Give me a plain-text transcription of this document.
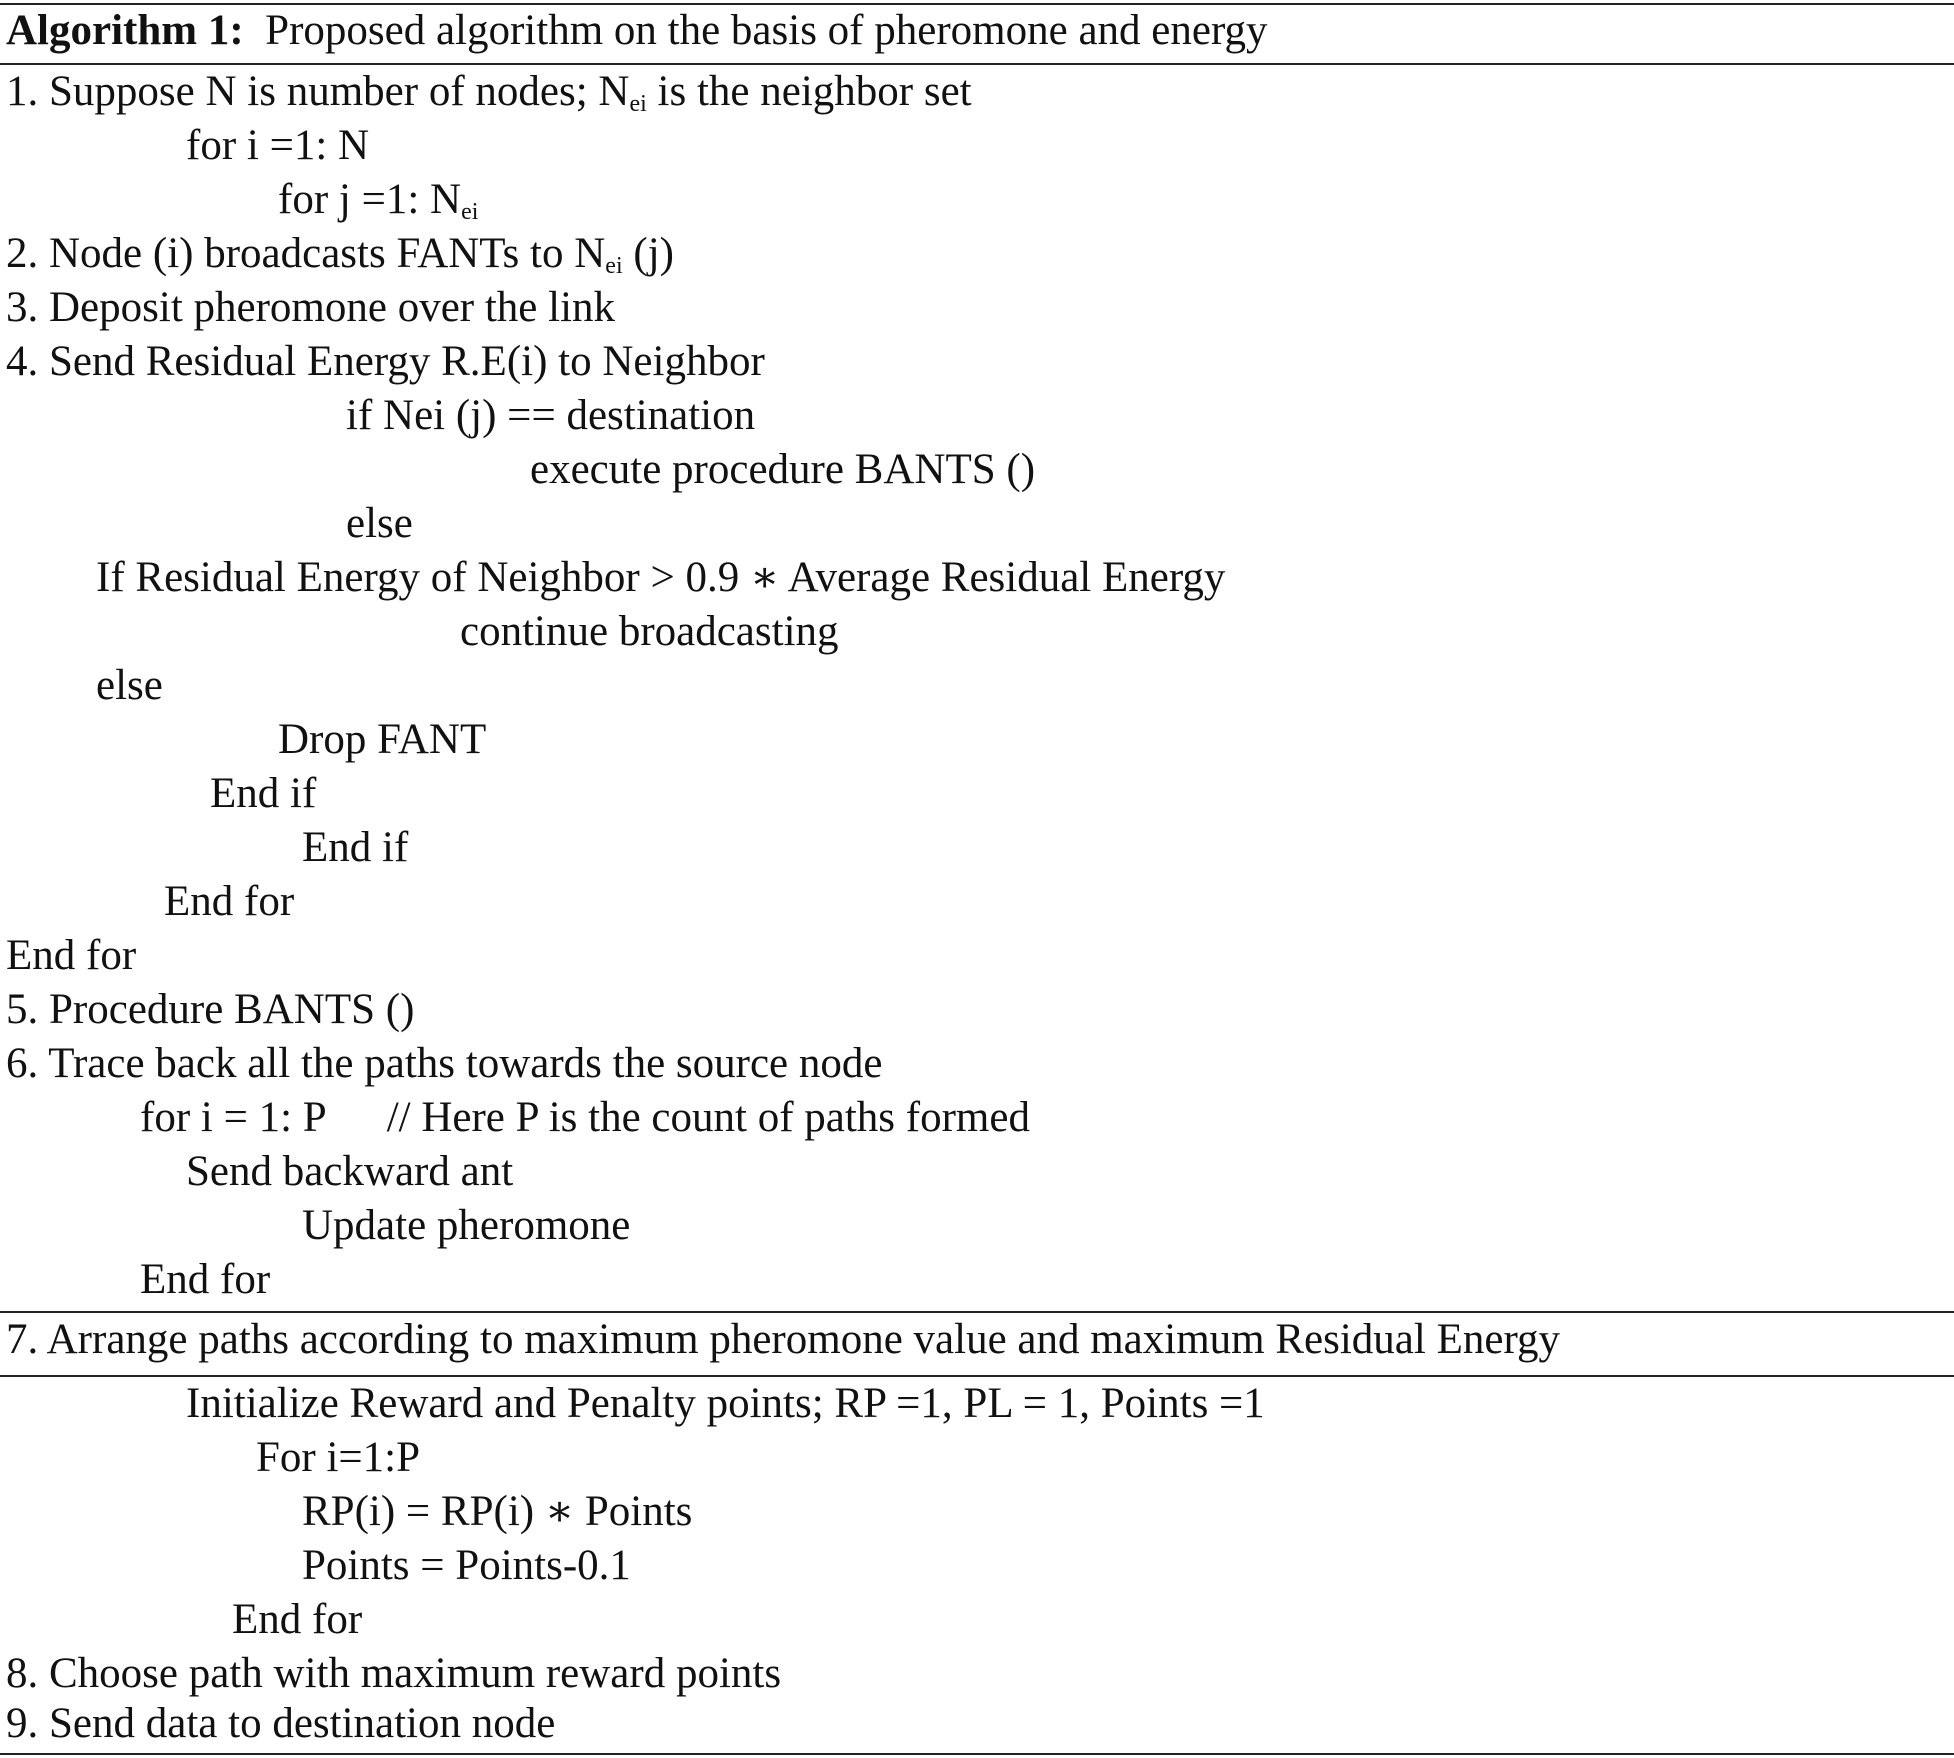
Algorithm 1: Proposed algorithm on the basis of pheromone and energy
1. Suppose N is number of nodes; $N_{ei}$ is the neighbor set
for i =1: N
for j =1: $N_{ei}$
2. Node (i) broadcasts FANTs to $N_{ei}$ (j)
3. Deposit pheromone over the link
4. Send Residual Energy R.E(i) to Neighbor
if Nei (j) == destination
execute procedure BANTS ()
else
If Residual Energy of Neighbor > 0.9 ∗ Average Residual Energy
continue broadcasting
else
Drop FANT
End if
End if
End for
End for
5. Procedure BANTS ()
6. Trace back all the paths towards the source node
for i = 1: P // Here P is the count of paths formed
Send backward ant
Update pheromone
End for
7. Arrange paths according to maximum pheromone value and maximum Residual Energy
Initialize Reward and Penalty points; RP =1, PL = 1, Points =1
For i=1:P
RP(i) = RP(i) ∗ Points
Points = Points-0.1
End for
8. Choose path with maximum reward points
9. Send data to destination node
